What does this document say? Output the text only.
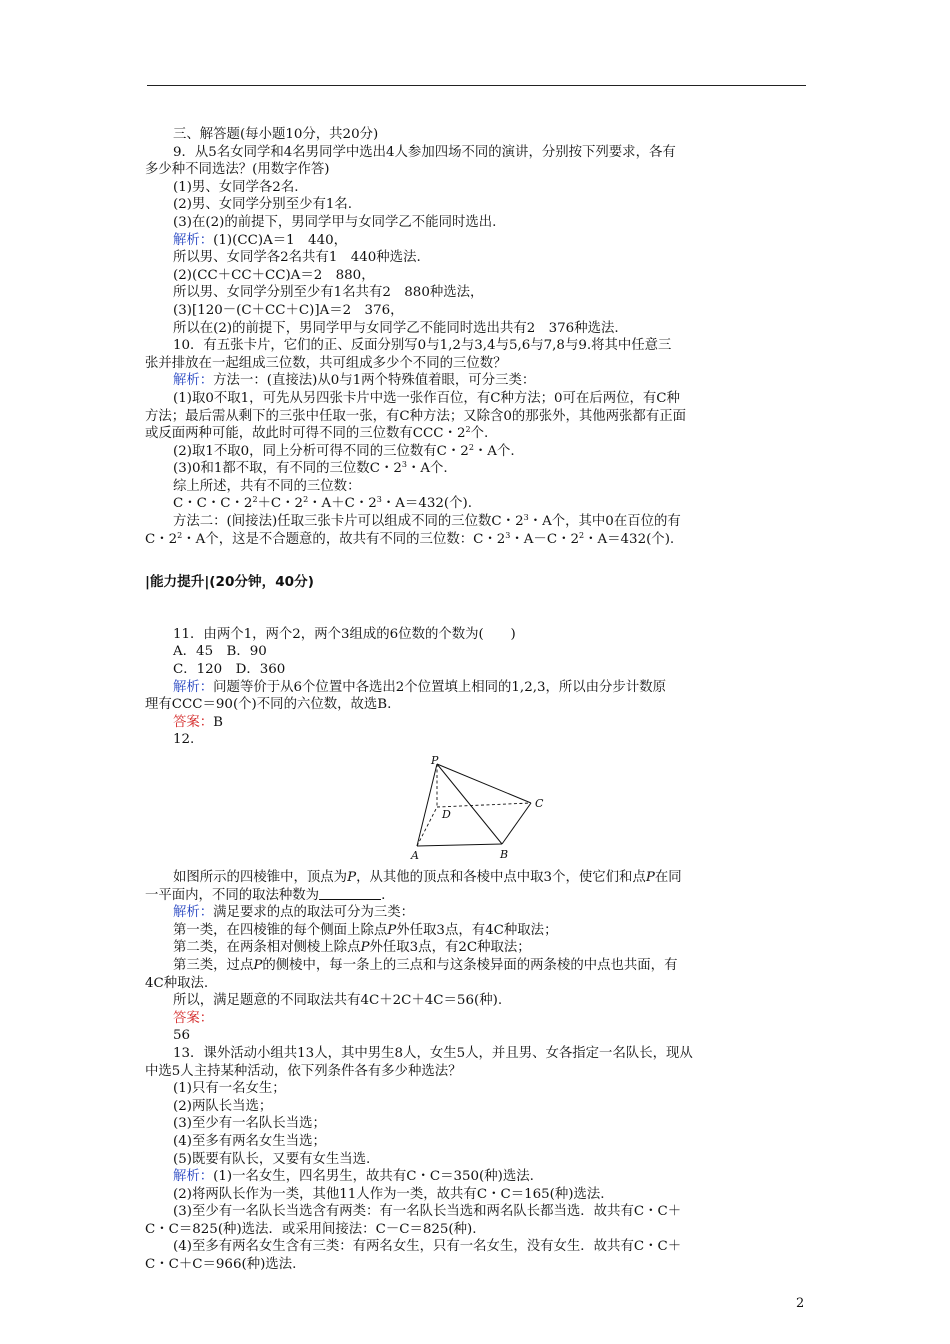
三、解答题(每小题10分，共20分)
9．从5名女同学和4名男同学中选出4人参加四场不同的演讲，分别按下列要求，各有
多少种不同选法？(用数字作答)
(1)男、女同学各2名.
(2)男、女同学分别至少有1名.
(3)在(2)的前提下，男同学甲与女同学乙不能同时选出.
解析：(1)(CC)A＝1　440，
所以男、女同学各2名共有1　440种选法.
(2)(CC＋CC＋CC)A＝2　880，
所以男、女同学分别至少有1名共有2　880种选法，
(3)[120－(C＋CC＋C)]A＝2　376，
所以在(2)的前提下，男同学甲与女同学乙不能同时选出共有2　376种选法.
10．有五张卡片，它们的正、反面分别写0与1,2与3,4与5,6与7,8与9.将其中任意三
张并排放在一起组成三位数，共可组成多少个不同的三位数？
解析：方法一：(直接法)从0与1两个特殊值着眼，可分三类：
(1)取0不取1，可先从另四张卡片中选一张作百位，有C种方法；0可在后两位，有C种
方法；最后需从剩下的三张中任取一张，有C种方法；又除含0的那张外，其他两张都有正面
或反面两种可能，故此时可得不同的三位数有CCC・$2^2$个.
(2)取1不取0，同上分析可得不同的三位数有C・$2^2$・A个.
(3)0和1都不取，有不同的三位数C・$2^3$・A个.
综上所述，共有不同的三位数：
C・C・C・$2^2+C$・$2^2$・A＋C・$2^3$・A＝432(个).
方法二：(间接法)任取三张卡片可以组成不同的三位数C・$2^3$・A个，其中0在百位的有
C・$2^2$・A个，这是不合题意的，故共有不同的三位数：C・$2^3$・A－C・$2^2$・A＝432(个).
|能力提升|(20分钟，40分)
11．由两个1，两个2，两个3组成的6位数的个数为(　　)
A．45　B．90
C．120　D．360
解析：问题等价于从6个位置中各选出2个位置填上相同的1,2,3，所以由分步计数原
理有CCC＝90(个)不同的六位数，故选B.
答案：B
12.
P
C
D
A	B
如图所示的四棱锥中，顶点为P，从其他的顶点和各棱中点中取3个，使它们和点P在同
一平面内，不同的取法种数为	.
解析：满足要求的点的取法可分为三类：
第一类，在四棱锥的每个侧面上除点P外任取3点，有4C种取法；
第二类，在两条相对侧棱上除点P外任取3点，有2C种取法；
第三类，过点P的侧棱中，每一条上的三点和与这条棱异面的两条棱的中点也共面，有
4C种取法.
所以，满足题意的不同取法共有4C＋2C＋4C＝56(种).
答案：
56
13．课外活动小组共13人，其中男生8人，女生5人，并且男、女各指定一名队长，现从
中选5人主持某种活动，依下列条件各有多少种选法？
(1)只有一名女生；
(2)两队长当选；
(3)至少有一名队长当选；
(4)至多有两名女生当选；
(5)既要有队长，又要有女生当选.
解析：(1)一名女生，四名男生，故共有C・C＝350(种)选法.
(2)将两队长作为一类，其他11人作为一类，故共有C・C＝165(种)选法.
(3)至少有一名队长当选含有两类：有一名队长当选和两名队长都当选．故共有C・C＋
C・C＝825(种)选法．或采用间接法：C－C＝825(种).
(4)至多有两名女生含有三类：有两名女生，只有一名女生，没有女生．故共有C・C＋
C・C＋C＝966(种)选法.
2
